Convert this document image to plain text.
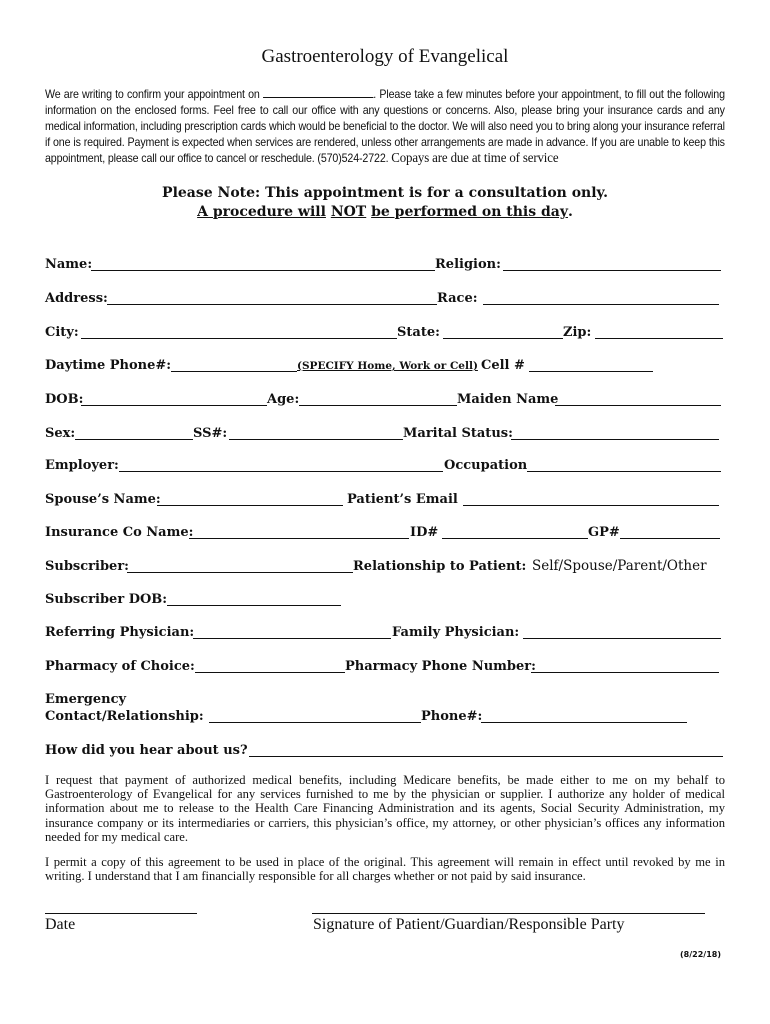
Gastroenterology of Evangelical
We are writing to confirm your appointment on	. Please take a few minutes before your appointment, to fill out the following information on the enclosed forms. Feel free to call our office with any questions or concerns. Also, please bring your insurance cards and any medical information, including prescription cards which would be beneficial to the doctor. We will also need you to bring along your insurance referral if one is required. Payment is expected when services are rendered, unless other arrangements are made in advance. If you are unable to keep this appointment, please call our office to cancel or reschedule. (570)524-2722. Copays are due at time of service
Please Note: This appointment is for a consultation only.
A procedure will NOT be performed on this day.
Name:	Religion:
Address:	Race:
City:	State:	Zip:
Daytime Phone#:	(SPECIFY Home, Work or Cell) Cell #
DOB:	Age:	Maiden Name
Sex:	SS#:	Marital Status:
Employer:	Occupation
Spouse’s Name:	Patient’s Email
Insurance Co Name:	ID#	GP#
Subscriber:	Relationship to Patient: Self/Spouse/Parent/Other
Subscriber DOB:
Referring Physician:	Family Physician:
Pharmacy of Choice:	Pharmacy Phone Number:
Emergency
Contact/Relationship:	Phone#:
How did you hear about us?
I request that payment of authorized medical benefits, including Medicare benefits, be made either to me on my behalf to Gastroenterology of Evangelical for any services furnished to me by the physician or supplier. I authorize any holder of medical information about me to release to the Health Care Financing Administration and its agents, Social Security Administration, my insurance company or its intermediaries or carriers, this physician’s office, my attorney, or other physician’s offices any information needed for my medical care.
I permit a copy of this agreement to be used in place of the original. This agreement will remain in effect until revoked by me in writing. I understand that I am financially responsible for all charges whether or not paid by said insurance.
Date	Signature of Patient/Guardian/Responsible Party
(8/22/18)
